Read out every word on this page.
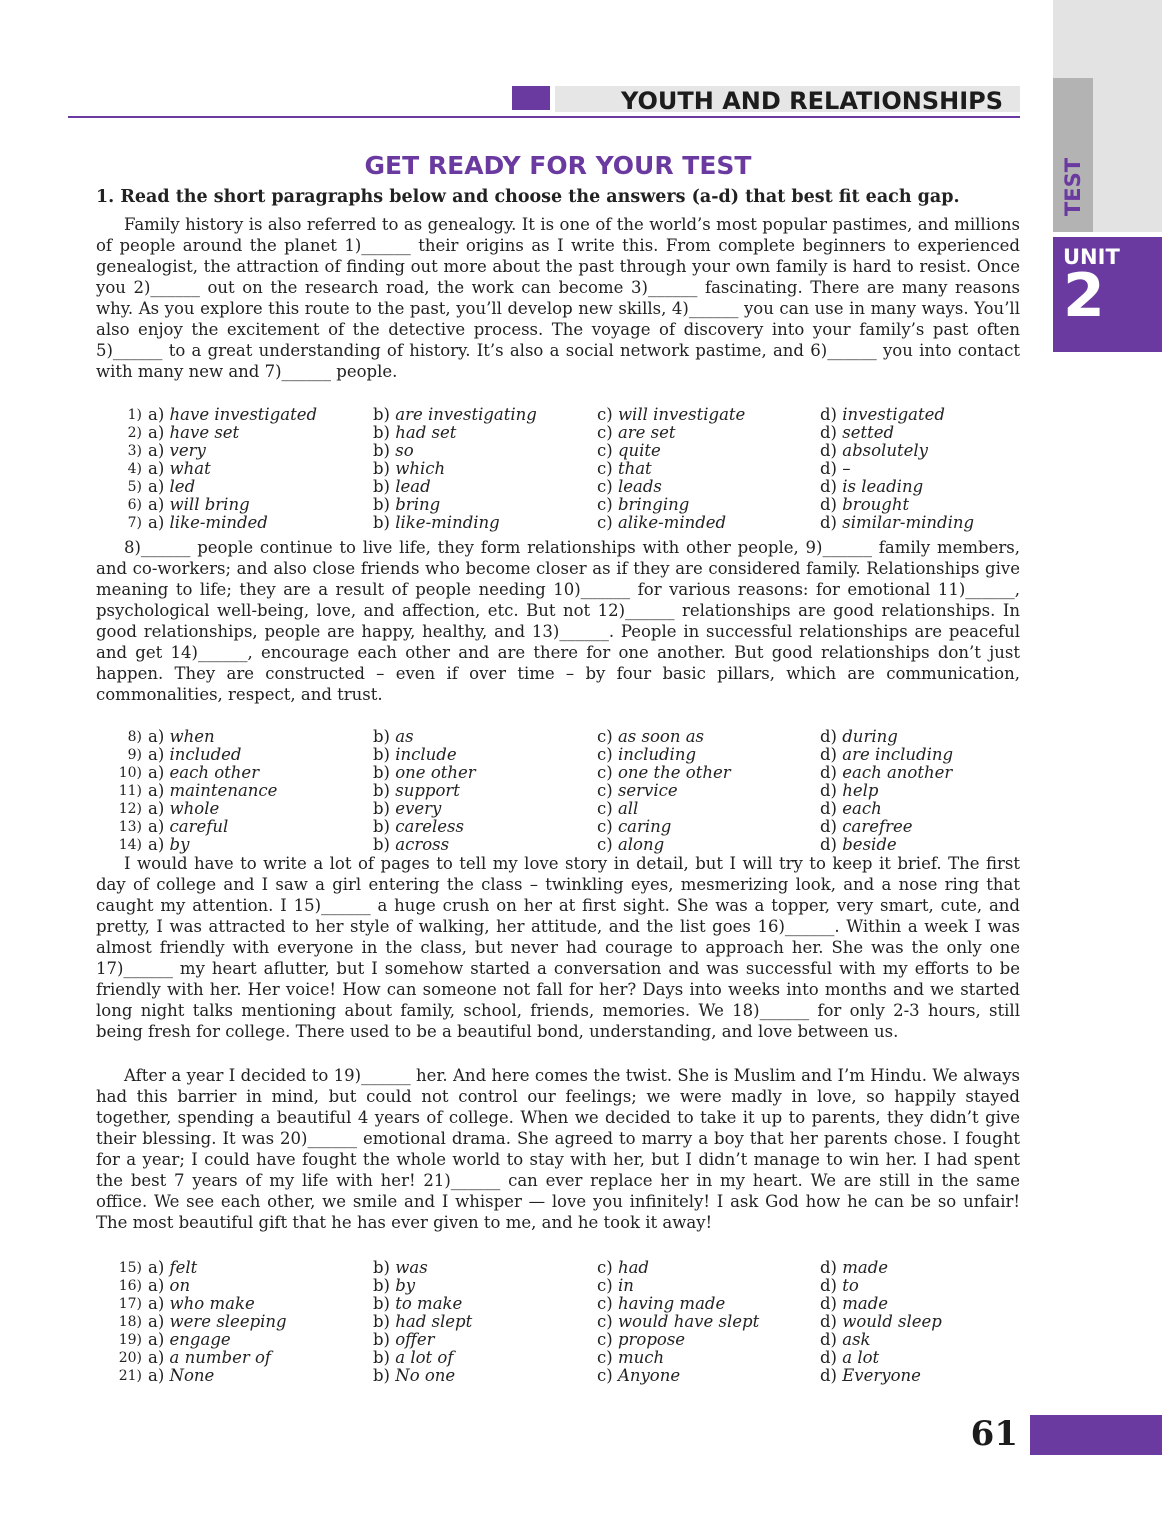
YOUTH AND RELATIONSHIPS
TEST
UNIT
2
GET READY FOR YOUR TEST
1. Read the short paragraphs below and choose the answers (a-d) that best fit each gap.

Family history is also referred to as genealogy. It is one of the world’s most popular pastimes, and millions of people around the planet 1)______ their origins as I write this. From complete beginners to experienced genealogist, the attraction of finding out more about the past through your own family is hard to resist. Once you 2)______ out on the research road, the work can become 3)______ fascinating. There are many reasons why. As you explore this route to the past, you’ll develop new skills, 4)______ you can use in many ways. You’ll also enjoy the excitement of the detective process. The voyage of discovery into your family’s past often 5)______ to a great understanding of history. It’s also a social network pastime, and 6)______ you into contact with many new and 7)______ people.

1) a) have investigated	b) are investigating	c) will investigate	d) investigated
2) a) have set	b) had set	c) are set	d) setted
3) a) very	b) so	c) quite	d) absolutely
4) a) what	b) which	c) that	d) –
5) a) led	b) lead	c) leads	d) is leading
6) a) will bring	b) bring	c) bringing	d) brought
7) a) like-minded	b) like-minding	c) alike-minded	d) similar-minding

8)______ people continue to live life, they form relationships with other people, 9)______ family members, and co-workers; and also close friends who become closer as if they are considered family. Relationships give meaning to life; they are a result of people needing 10)______ for various reasons: for emotional 11)______, psychological well-being, love, and affection, etc. But not 12)______ relationships are good relationships. In good relationships, people are happy, healthy, and 13)______. People in successful relationships are peaceful and get 14)______, encourage each other and are there for one another. But good relationships don’t just happen. They are constructed – even if over time – by four basic pillars, which are communication, commonalities, respect, and trust.

8) a) when	b) as	c) as soon as	d) during
9) a) included	b) include	c) including	d) are including
10) a) each other	b) one other	c) one the other	d) each another
11) a) maintenance	b) support	c) service	d) help
12) a) whole	b) every	c) all	d) each
13) a) careful	b) careless	c) caring	d) carefree
14) a) by	b) across	c) along	d) beside

I would have to write a lot of pages to tell my love story in detail, but I will try to keep it brief. The first day of college and I saw a girl entering the class – twinkling eyes, mesmerizing look, and a nose ring that caught my attention. I 15)______ a huge crush on her at first sight. She was a topper, very smart, cute, and pretty, I was attracted to her style of walking, her attitude, and the list goes 16)______. Within a week I was almost friendly with everyone in the class, but never had courage to approach her. She was the only one 17)______ my heart aflutter, but I somehow started a conversation and was successful with my efforts to be friendly with her. Her voice! How can someone not fall for her? Days into weeks into months and we started long night talks mentioning about family, school, friends, memories. We 18)______ for only 2-3 hours, still being fresh for college. There used to be a beautiful bond, understanding, and love between us.

After a year I decided to 19)______ her. And here comes the twist. She is Muslim and I’m Hindu. We always had this barrier in mind, but could not control our feelings; we were madly in love, so happily stayed together, spending a beautiful 4 years of college. When we decided to take it up to parents, they didn’t give their blessing. It was 20)______ emotional drama. She agreed to marry a boy that her parents chose. I fought for a year; I could have fought the whole world to stay with her, but I didn’t manage to win her. I had spent the best 7 years of my life with her! 21)______ can ever replace her in my heart. We are still in the same office. We see each other, we smile and I whisper — love you infinitely! I ask God how he can be so unfair! The most beautiful gift that he has ever given to me, and he took it away!

15) a) felt	b) was	c) had	d) made
16) a) on	b) by	c) in	d) to
17) a) who make	b) to make	c) having made	d) made
18) a) were sleeping	b) had slept	c) would have slept	d) would sleep
19) a) engage	b) offer	c) propose	d) ask
20) a) a number of	b) a lot of	c) much	d) a lot
21) a) None	b) No one	c) Anyone	d) Everyone
61
